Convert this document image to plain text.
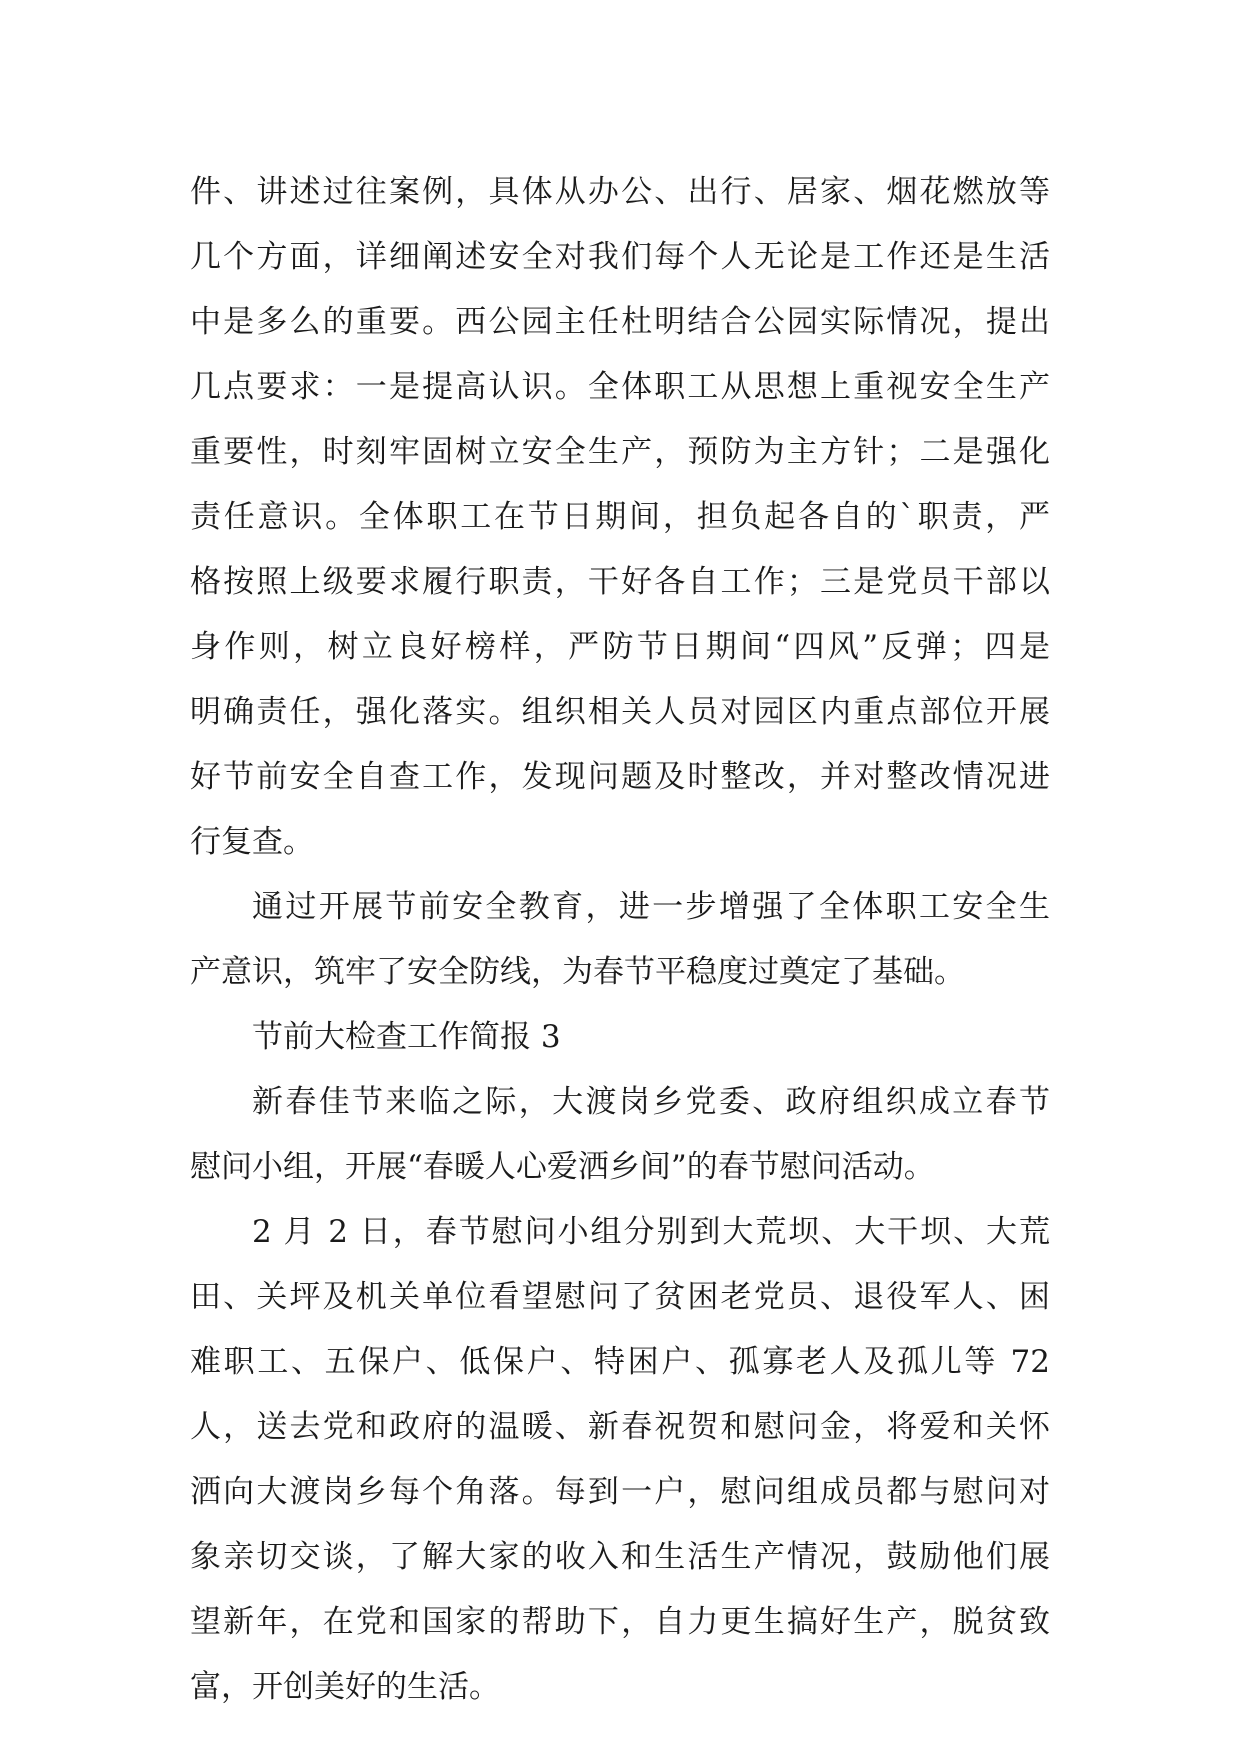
件、讲述过往案例，具体从办公、出行、居家、烟花燃放等
几个方面，详细阐述安全对我们每个人无论是工作还是生活
中是多么的重要。西公园主任杜明结合公园实际情况，提出
几点要求：一是提高认识。全体职工从思想上重视安全生产
重要性，时刻牢固树立安全生产，预防为主方针；二是强化
责任意识。全体职工在节日期间，担负起各自的`职责，严
格按照上级要求履行职责，干好各自工作；三是党员干部以
身作则，树立良好榜样，严防节日期间“四风”反弹；四是
明确责任，强化落实。组织相关人员对园区内重点部位开展
好节前安全自查工作，发现问题及时整改，并对整改情况进
行复查。
通过开展节前安全教育，进一步增强了全体职工安全生
产意识，筑牢了安全防线，为春节平稳度过奠定了基础。
节前大检查工作简报 3
新春佳节来临之际，大渡岗乡党委、政府组织成立春节
慰问小组，开展“春暖人心爱洒乡间”的春节慰问活动。
2 月 2 日，春节慰问小组分别到大荒坝、大干坝、大荒
田、关坪及机关单位看望慰问了贫困老党员、退役军人、困
难职工、五保户、低保户、特困户、孤寡老人及孤儿等 72
人，送去党和政府的温暖、新春祝贺和慰问金，将爱和关怀
洒向大渡岗乡每个角落。每到一户，慰问组成员都与慰问对
象亲切交谈，了解大家的收入和生活生产情况，鼓励他们展
望新年，在党和国家的帮助下，自力更生搞好生产，脱贫致
富，开创美好的生活。
